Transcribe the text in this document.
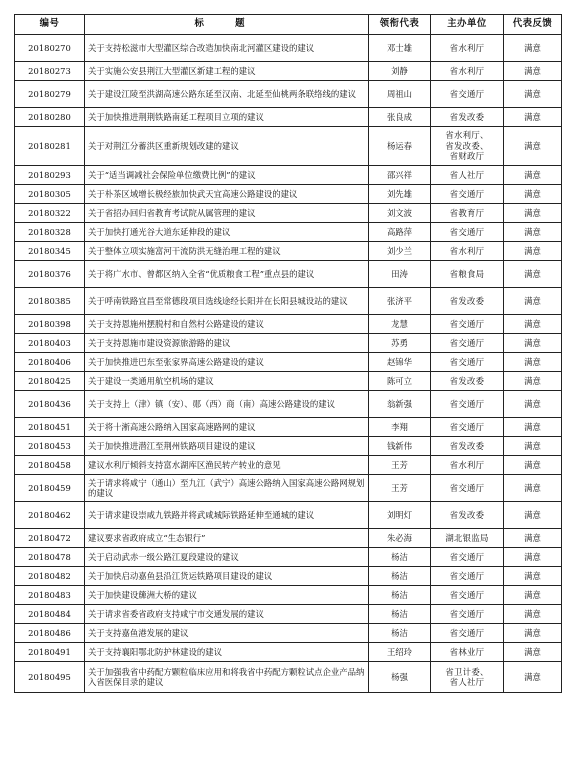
编号	标 题	领衔代表	主办单位	代表反馈
20180270	关于支持松滋市大型灌区综合改造加快南北河灌区建设的建议	邓士雄	省水利厅	满意
20180273	关于实施公安县荆江大型灌区新建工程的建议	刘静	省水利厅	满意
20180279	关于建设江陵至洪湖高速公路东延至汉南、北延至仙桃两条联络线的建议	周祖山	省交通厅	满意
20180280	关于加快推进荆荆铁路南延工程项目立项的建议	张良成	省发改委	满意
20180281	关于对荆江分蓄洪区重新规划改建的建议	杨运春	省水利厅、
省发改委、
省财政厅	满意
20180293	关于“适当调减社会保险单位缴费比例”的建议	邵兴祥	省人社厅	满意
20180305	关于朴茶区域增长极经旅加快武天宜高速公路建设的建议	刘先雄	省交通厅	满意
20180322	关于省招办回归省教育考试院从属管理的建议	刘文波	省教育厅	满意
20180328	关于加快打通光谷大道东延伸段的建议	高路萍	省交通厅	满意
20180345	关于整体立项实施富河干流防洪无缝治理工程的建议	刘少兰	省水利厅	满意
20180376	关于将广水市、曾都区纳入全省“优质粮食工程”重点县的建议	田涛	省粮食局	满意
20180385	关于呼南铁路宜昌至常德段项目选线途经长阳并在长阳县城设站的建议	张济平	省发改委	满意
20180398	关于支持恩施州摆脱村和自然村公路建设的建议	龙慧	省交通厅	满意
20180403	关于支持恩施市建设资源旅游路的建议	苏勇	省交通厅	满意
20180406	关于加快推进巴东至张家界高速公路建设的建议	赵锦华	省交通厅	满意
20180425	关于建设一类通用航空机场的建议	陈可立	省发改委	满意
20180436	关于支持上（津）镇（安）、郧（西）商（南）高速公路建设的建议	翁新强	省交通厅	满意
20180451	关于将十淅高速公路纳入国家高速路网的建议	李翔	省交通厅	满意
20180453	关于加快推进潜江至荆州铁路项目建设的建议	钱新伟	省发改委	满意
20180458	建议水利厅倾斜支持富水湖库区渔民转产转业的意见	王芳	省水利厅	满意
20180459	关于请求将咸宁（通山）至九江（武宁）高速公路纳入国家高速公路网规划的建议	王芳	省交通厅	满意
20180462	关于请求建设崇咸九铁路并将武咸城际铁路延伸至通城的建议	刘明灯	省发改委	满意
20180472	建议要求省政府成立“生态银行”	朱必海	湖北银监局	满意
20180478	关于启动武赤一级公路江夏段建设的建议	杨洁	省交通厅	满意
20180482	关于加快启动嘉鱼县沿江货运铁路项目建设的建议	杨洁	省交通厅	满意
20180483	关于加快建设簰洲大桥的建议	杨洁	省交通厅	满意
20180484	关于请求省委省政府支持咸宁市交通发展的建议	杨洁	省交通厅	满意
20180486	关于支持嘉鱼港发展的建议	杨洁	省交通厅	满意
20180491	关于支持襄阳鄂北防护林建设的建议	王绍玲	省林业厅	满意
20180495	关于加强我省中药配方颗粒临床应用和将我省中药配方颗粒试点企业产品纳入省医保目录的建议	杨强	省卫计委、
省人社厅	满意
